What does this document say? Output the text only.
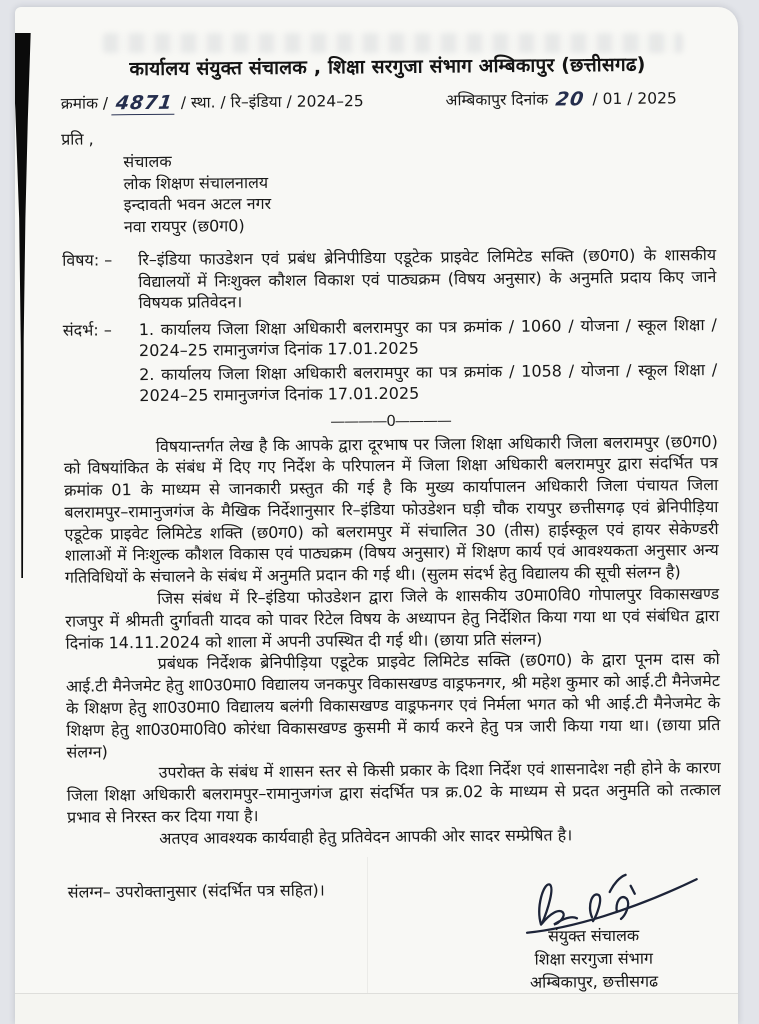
कार्यालय संयुक्त संचालक , शिक्षा सरगुजा संभाग अम्बिकापुर (छत्तीसगढ)
क्रमांक / 4871 / स्था. / रि–इंडिया / 2024–25	अम्बिकापुर दिनांक 20 / 01 / 2025
प्रति ,
संचालक
लोक शिक्षण संचालनालय
इन्दावती भवन अटल नगर
नवा रायपुर (छ0ग0)
विषय: –	रि–इंडिया फाउडेशन एवं प्रबंध ब्रेनिपीडिया एडूटेक प्राइवेट लिमिटेड सक्ति (छ0ग0) के शासकीय विद्यालयों में निःशुक्ल कौशल विकाश एवं पाठ्यक्रम (विषय अनुसार) के अनुमति प्रदाय किए जाने विषयक प्रतिवेदन।
संदर्भ: –	1. कार्यालय जिला शिक्षा अधिकारी बलरामपुर का पत्र क्रमांक / 1060 / योजना / स्कूल शिक्षा / 2024–25 रामानुजगंज दिनांक 17.01.2025
2. कार्यालय जिला शिक्षा अधिकारी बलरामपुर का पत्र क्रमांक / 1058 / योजना / स्कूल शिक्षा / 2024–25 रामानुजगंज दिनांक 17.01.2025
————0————

विषयान्तर्गत लेख है कि आपके द्वारा दूरभाष पर जिला शिक्षा अधिकारी जिला बलरामपुर (छ0ग0) को विषयांकित के संबंध में दिए गए निर्देश के परिपालन में जिला शिक्षा अधिकारी बलरामपुर द्वारा संदर्भित पत्र क्रमांक 01 के माध्यम से जानकारी प्रस्तुत की गई है कि मुख्य कार्यापालन अधिकारी जिला पंचायत जिला बलरामपुर–रामानुजगंज के मैखिक निर्देशानुसार रि–इंडिया फोउडेशन घड़ी चौक रायपुर छत्तीसगढ़ एवं ब्रेनिपीड़िया एडूटेक प्राइवेट लिमिटेड शक्ति (छ0ग0) को बलरामपुर में संचालित 30 (तीस) हाईस्कूल एवं हायर सेकेण्डरी शालाओं में निःशुल्क कौशल विकास एवं पाठ्यक्रम (विषय अनुसार) में शिक्षण कार्य एवं आवश्यकता अनुसार अन्य गतिविधियों के संचालने के संबंध में अनुमति प्रदान की गई थी। (सुलम संदर्भ हेतु विद्यालय की सूची संलग्न है)

जिस संबंध में रि–इंडिया फोउडेशन द्वारा जिले के शासकीय उ0मा0वि0 गोपालपुर विकासखण्ड राजपुर में श्रीमती दुर्गावती यादव को पावर रिटेल विषय के अध्यापन हेतु निर्देशित किया गया था एवं संबंधित द्वारा दिनांक 14.11.2024 को शाला में अपनी उपस्थित दी गई थी। (छाया प्रति संलग्न)

प्रबंधक निर्देशक ब्रेनिपीड़िया एडूटेक प्राइवेट लिमिटेड सक्ति (छ0ग0) के द्वारा पूनम दास को आई.टी मैनेजमेट हेतु शा0उ0मा0 विद्यालय जनकपुर विकासखण्ड वाड्रफनगर, श्री महेश कुमार को आई.टी मैनेजमेट के शिक्षण हेतु शा0उ0मा0 विद्यालय बलंगी विकासखण्ड वाड़्रफनगर एवं निर्मला भगत को भी आई.टी मैनेजमेट के शिक्षण हेतु शा0उ0मा0वि0 कोरंधा विकासखण्ड कुसमी में कार्य करने हेतु पत्र जारी किया गया था। (छाया प्रति संलग्न)

उपरोक्त के संबंध में शासन स्तर से किसी प्रकार के दिशा निर्देश एवं शासनादेश नही होने के कारण जिला शिक्षा अधिकारी बलरामपुर–रामानुजगंज द्वारा संदर्भित पत्र क्र.02 के माध्यम से प्रदत अनुमति को तत्काल प्रभाव से निरस्त कर दिया गया है।

अतएव आवश्यक कार्यवाही हेतु प्रतिवेदन आपकी ओर सादर सम्प्रेषित है।

संलग्न– उपरोक्तानुसार (संदर्भित पत्र सहित)।
संयुक्त संचालक
शिक्षा सरगुजा संभाग
अम्बिकापुर, छत्तीसगढ
